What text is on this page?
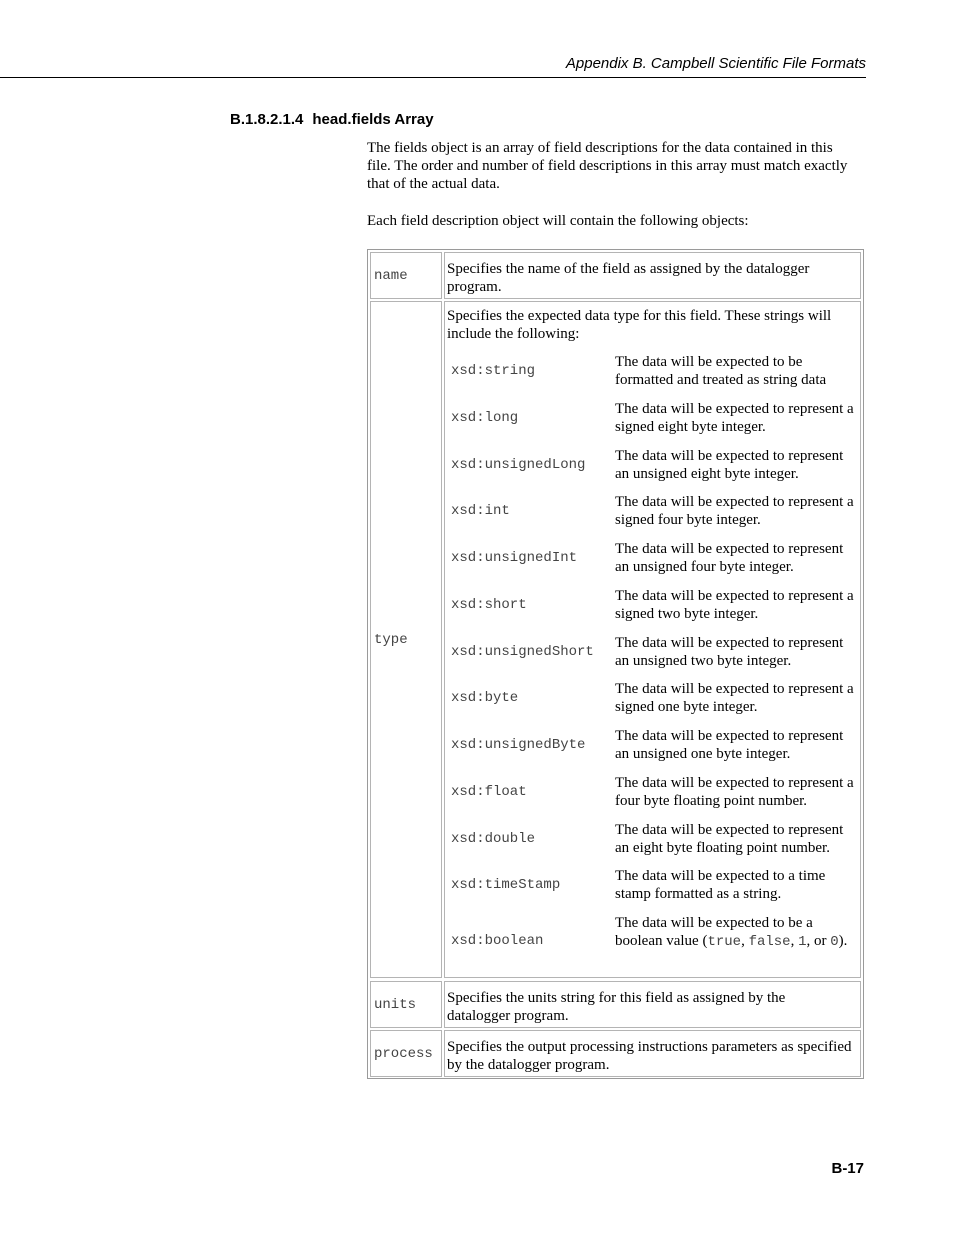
Appendix B. Campbell Scientific File Formats
B.1.8.2.1.4 head.fields Array
The fields object is an array of field descriptions for the data contained in this file. The order and number of field descriptions in this array must match exactly that of the actual data.
Each field description object will contain the following objects:
name	Specifies the name of the field as assigned by the datalogger program.
type
Specifies the expected data type for this field. These strings will include the following:
xsd:string
The data will be expected to be formatted and treated as string data
xsd:long
The data will be expected to represent a signed eight byte integer.
xsd:unsignedLong
The data will be expected to represent an unsigned eight byte integer.
xsd:int
The data will be expected to represent a signed four byte integer.
xsd:unsignedInt
The data will be expected to represent an unsigned four byte integer.
xsd:short
The data will be expected to represent a signed two byte integer.
xsd:unsignedShort
The data will be expected to represent an unsigned two byte integer.
xsd:byte
The data will be expected to represent a signed one byte integer.
xsd:unsignedByte
The data will be expected to represent an unsigned one byte integer.
xsd:float
The data will be expected to represent a four byte floating point number.
xsd:double
The data will be expected to represent an eight byte floating point number.
xsd:timeStamp
The data will be expected to a time stamp formatted as a string.
xsd:boolean
The data will be expected to be a boolean value (true, false, 1, or 0).
units Specifies the units string for this field as assigned by the datalogger program.
process Specifies the output processing instructions parameters as specified by the datalogger program.
B-17
